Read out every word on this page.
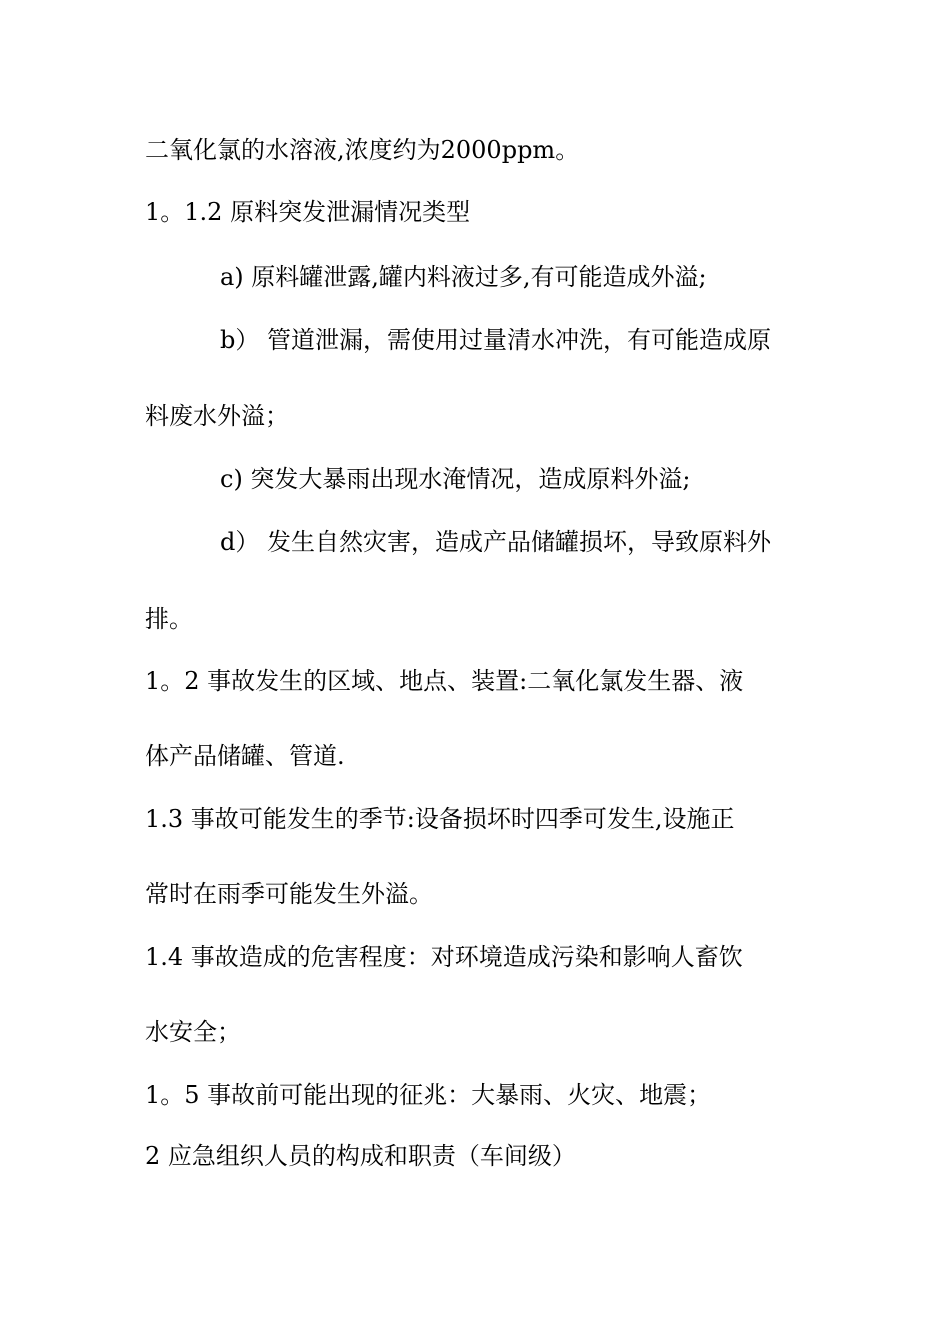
二氧化氯的水溶液,浓度约为2000ppm。
1。1.2 原料突发泄漏情况类型
a) 原料罐泄露,罐内料液过多,有可能造成外溢;
b） 管道泄漏，需使用过量清水冲洗，有可能造成原
料废水外溢；
c) 突发大暴雨出现水淹情况，造成原料外溢;
d） 发生自然灾害，造成产品储罐损坏，导致原料外
排。
1。2 事故发生的区域、地点、装置:二氧化氯发生器、液
体产品储罐、管道.
1.3 事故可能发生的季节:设备损坏时四季可发生,设施正
常时在雨季可能发生外溢。
1.4 事故造成的危害程度：对环境造成污染和影响人畜饮
水安全；
1。5 事故前可能出现的征兆：大暴雨、火灾、地震；
2 应急组织人员的构成和职责（车间级）
